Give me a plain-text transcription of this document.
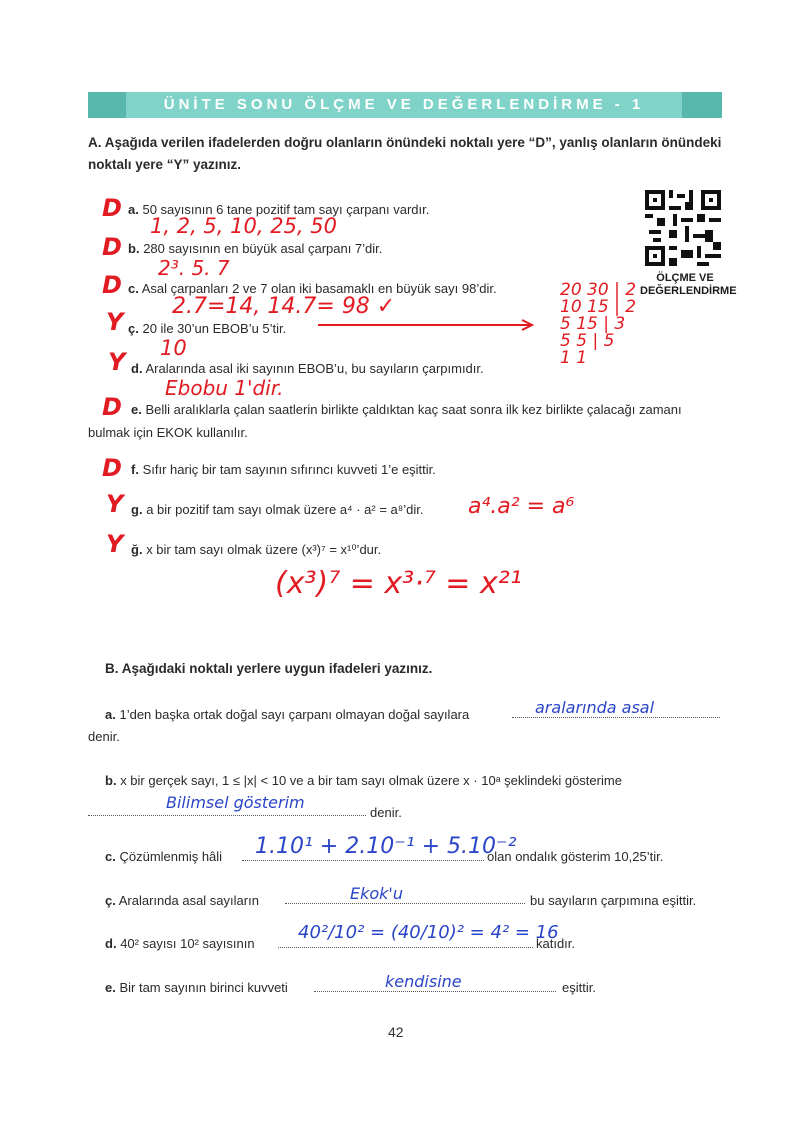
ÜNİTE SONU ÖLÇME VE DEĞERLENDİRME - 1
A. Aşağıda verilen ifadelerden doğru olanların önündeki noktalı yere “D”, yanlış olanların önündeki noktalı yere “Y” yazınız.
ÖLÇME VE DEĞERLENDİRME
D a. 50 sayısının 6 tane pozitif tam sayı çarpanı vardır.
1, 2, 5, 10, 25, 50
D b. 280 sayısının en büyük asal çarpanı 7’dir.
2³. 5. 7
D c. Asal çarpanları 2 ve 7 olan iki basamaklı en büyük sayı 98’dir.
2.7=14, 14.7= 98 ✓
Y ç. 20 ile 30’un EBOB’u 5’tir.
10
Y d. Aralarında asal iki sayının EBOB’u, bu sayıların çarpımıdır.
Ebobu 1'dir.
D e. Belli aralıklarla çalan saatlerin birlikte çaldıktan kaç saat sonra ilk kez birlikte çalacağı zamanı
bulmak için EKOK kullanılır.
D f. Sıfır hariç bir tam sayının sıfırıncı kuvveti 1’e eşittir.
Y g. a bir pozitif tam sayı olmak üzere a⁴ · a² = a⁸’dir. a⁴.a² = a⁶
Y ğ. x bir tam sayı olmak üzere (x³)⁷ = x¹⁰’dur.
(x³)⁷ = x³·⁷ = x²¹
20 30 | 2
10 15 | 2
5 15 | 3
5 5 | 5
1 1
B. Aşağıdaki noktalı yerlere uygun ifadeleri yazınız.
a. 1’den başka ortak doğal sayı çarpanı olmayan doğal sayılara	aralarında asal
denir.
b. x bir gerçek sayı, 1 ≤ |x| < 10 ve a bir tam sayı olmak üzere x · 10ᵃ şeklindeki gösterime
Bilimsel gösterim
denir.
c. Çözümlenmiş hâli 1.10¹ + 2.10⁻¹ + 5.10⁻²
olan ondalık gösterim 10,25’tir.
ç. Aralarında asal sayıların	Ekok'u	bu sayıların çarpımına eşittir.
d. 40² sayısı 10² sayısının
40²/10² = (40/10)² = 4² = 16
katıdır.
e. Bir tam sayının birinci kuvveti	kendisine	eşittir.
42
